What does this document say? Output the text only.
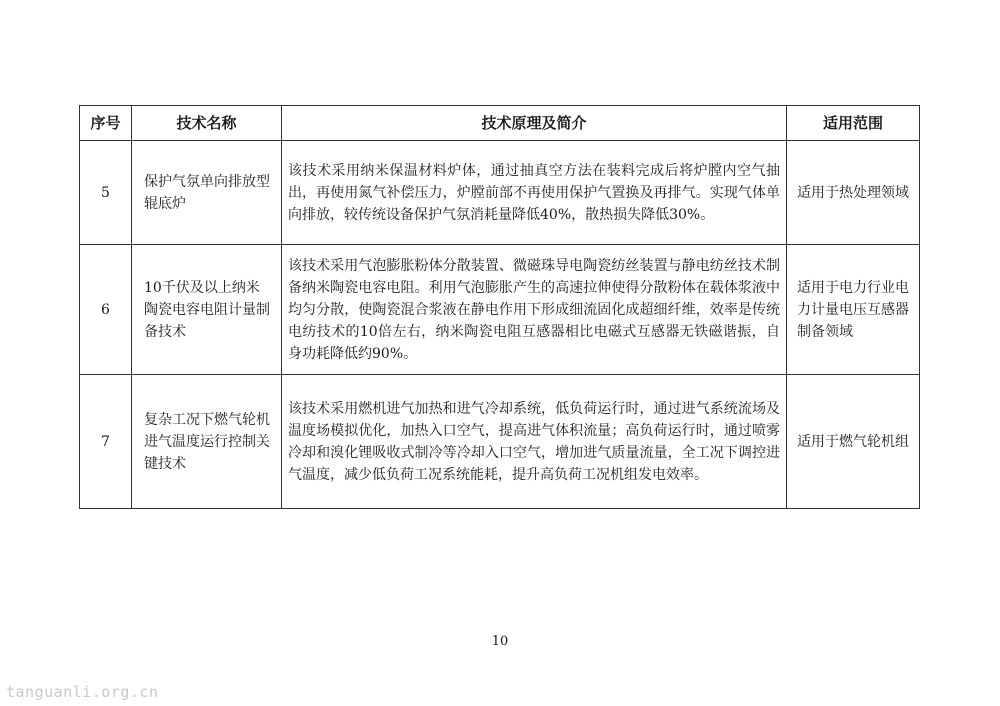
序号	技术名称	技术原理及简介	适用范围
5	保护气氛单向排放型辊底炉	该技术采用纳米保温材料炉体，通过抽真空方法在装料完成后将炉膛内空气抽出，再使用氮气补偿压力，炉膛前部不再使用保护气置换及再排气。实现气体单向排放，较传统设备保护气氛消耗量降低40%，散热损失降低30%。	适用于热处理领域
6	10千伏及以上纳米陶瓷电容电阻计量制备技术	该技术采用气泡膨胀粉体分散装置、微磁珠导电陶瓷纺丝装置与静电纺丝技术制备纳米陶瓷电容电阻。利用气泡膨胀产生的高速拉伸使得分散粉体在载体浆液中均匀分散，使陶瓷混合浆液在静电作用下形成细流固化成超细纤维，效率是传统电纺技术的10倍左右，纳米陶瓷电阻互感器相比电磁式互感器无铁磁谐振，自身功耗降低约90%。	适用于电力行业电力计量电压互感器制备领域
7	复杂工况下燃气轮机进气温度运行控制关键技术	该技术采用燃机进气加热和进气冷却系统，低负荷运行时，通过进气系统流场及温度场模拟优化，加热入口空气，提高进气体积流量；高负荷运行时，通过喷雾冷却和溴化锂吸收式制冷等冷却入口空气，增加进气质量流量，全工况下调控进气温度，减少低负荷工况系统能耗，提升高负荷工况机组发电效率。	适用于燃气轮机组
10
tanguanli.org.cn
